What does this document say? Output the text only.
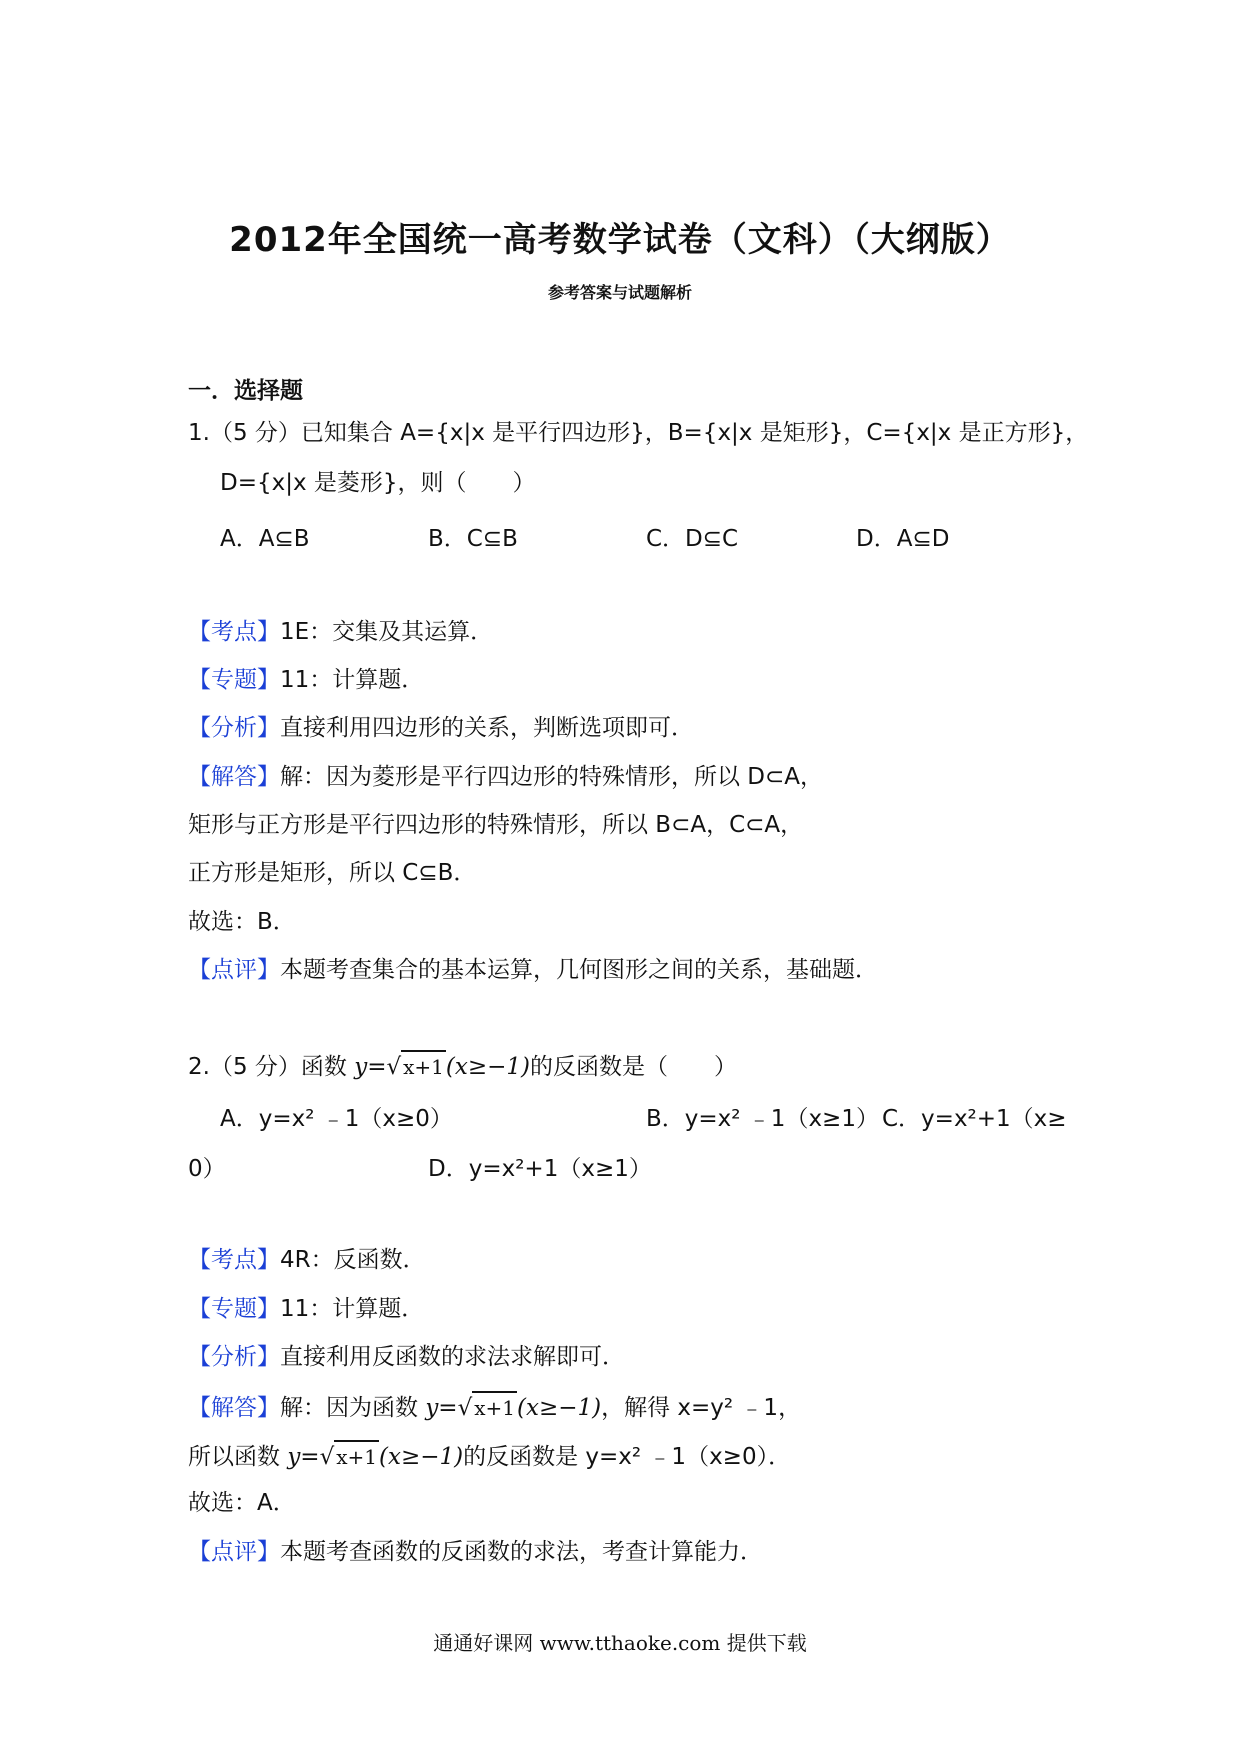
2012年全国统一高考数学试卷（文科）（大纲版）
参考答案与试题解析
一．选择题
1.（5 分）已知集合 A={x|x 是平行四边形}，B={x|x 是矩形}，C={x|x 是正方形}，
D={x|x 是菱形}，则（　　）
A．A⊆B	B．C⊆B	C．D⊆C	D．A⊆D
【考点】1E：交集及其运算．
【专题】11：计算题．
【分析】直接利用四边形的关系，判断选项即可．
【解答】解：因为菱形是平行四边形的特殊情形，所以 D⊂A，
矩形与正方形是平行四边形的特殊情形，所以 B⊂A，C⊂A，
正方形是矩形，所以 C⊆B．
故选：B．
【点评】本题考查集合的基本运算，几何图形之间的关系，基础题．
2.（5 分）函数 y=√ x+1(x≥−1)的反函数是（　　）
A．y=x² ﹣1（x≥0）	B．y=x² ﹣1（x≥1） C．y=x²+1（x≥
0）	D．y=x²+1（x≥1）
【考点】4R：反函数．
【专题】11：计算题．
【分析】直接利用反函数的求法求解即可．
【解答】解：因为函数 y=√ x+1(x≥−1)，解得 x=y² ﹣1，
所以函数 y=√ x+1(x≥−1)的反函数是 y=x² ﹣1（x≥0）．
故选：A．
【点评】本题考查函数的反函数的求法，考查计算能力．
通通好课网 www.tthaoke.com 提供下载
